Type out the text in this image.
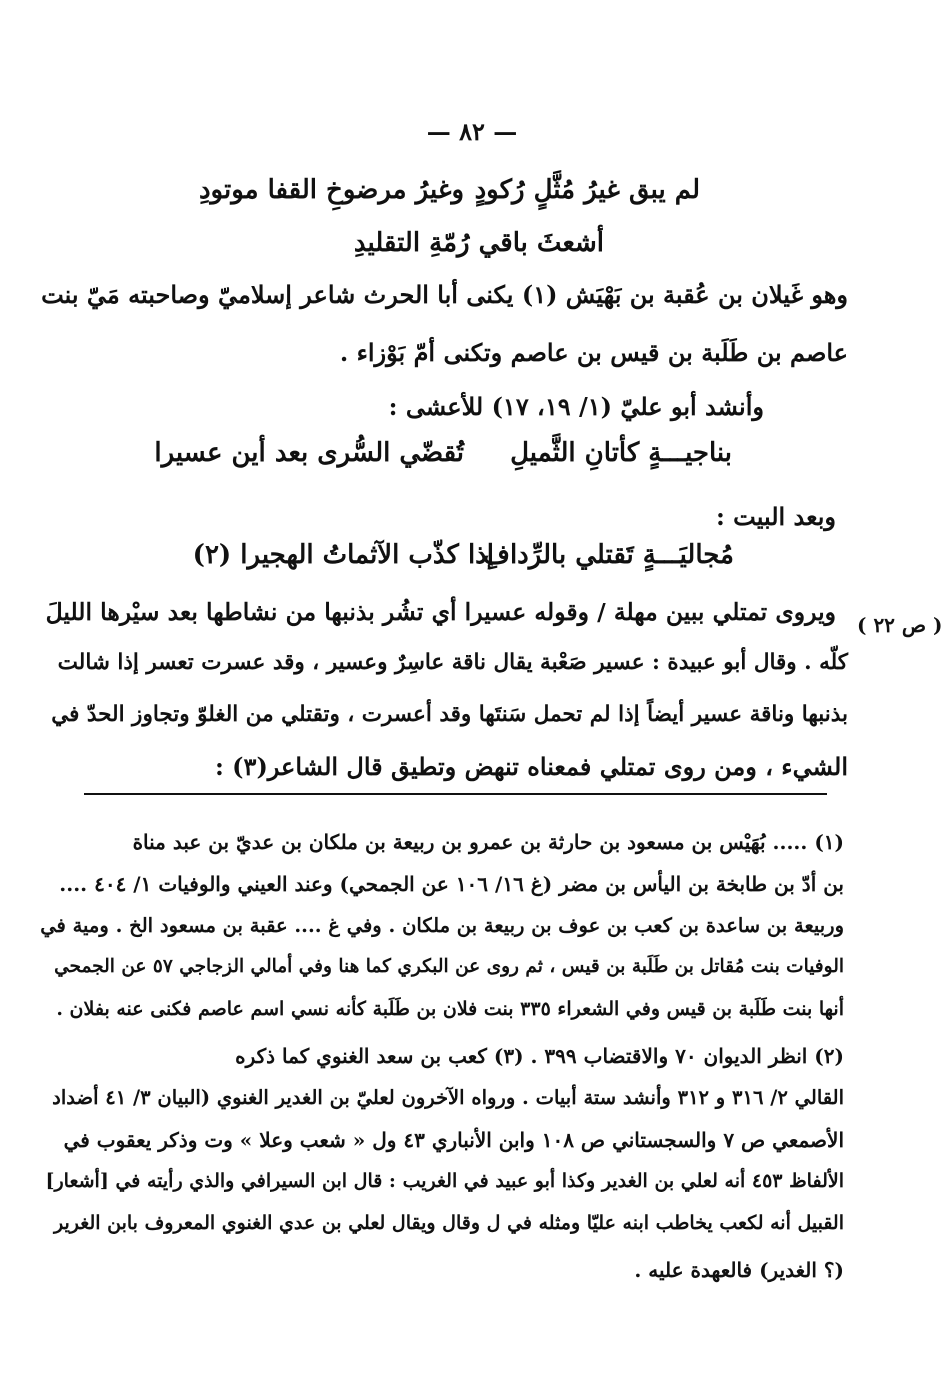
— ٨٢ —
لم يبق غيرُ مُثَّلٍ رُكودٍ
وغيرُ مرضوخِ القفا موتودِ
أشعثَ باقي رُمّةِ التقليدِ
وهو غَيلان بن عُقبة بن بَهْيَش (١) يكنى أبا الحرث شاعر إسلاميّ وصاحبته مَيّ بنت
عاصم بن طَلَبة بن قيس بن عاصم وتكنى أمّ بَوْزاء .
وأنشد أبو عليّ (١/ ١٩، ١٧) للأعشى :
بناجيـــةٍ كأتانِ الثَّميلِ
تُقضّي السُّرى بعد أين عسيرا
وبعد البيت :
مُجاليَـــةٍ تَقتلي بالرِّدافِ
إذا كذّب الآثماتُ الهجيرا (٢)
ويروى تمتلي ببين مهلة / وقوله عسيرا أي تشُر بذنبها من نشاطها بعد سيْرها الليلَ
كلّه . وقال أبو عبيدة : عسير صَعْبة يقال ناقة عاسِرٌ وعسير ، وقد عسرت تعسر إذا شالت
بذنبها وناقة عسير أيضاً إذا لم تحمل سَنتَها وقد أعسرت ، وتقتلي من الغلوّ وتجاوز الحدّ في
الشيء ، ومن روى تمتلي فمعناه تنهض وتطيق قال الشاعر(٣) :
( ص ٢٢ )
(١) ..... بُهَيْس بن مسعود بن حارثة بن عمرو بن ربيعة بن ملكان بن عديّ بن عبد مناة
بن أدّ بن طابخة بن اليأس بن مضر (غ ١٦/ ١٠٦ عن الجمحي) وعند العيني والوفيات ١/ ٤٠٤ ....
وربيعة بن ساعدة بن كعب بن عوف بن ربيعة بن ملكان . وفي غ .... عقبة بن مسعود الخ . ومية في
الوفيات بنت مُقاتل بن طَلَبة بن قيس ، ثم روى عن البكري كما هنا وفي أمالي الزجاجي ٥٧ عن الجمحي
أنها بنت طَلَبة بن قيس وفي الشعراء ٣٣٥ بنت فلان بن طَلَبة كأنه نسي اسم عاصم فكنى عنه بفلان .
(٢) انظر الديوان ٧٠ والاقتضاب ٣٩٩ . (٣) كعب بن سعد الغنوي كما ذكره
القالي ٢/ ٣١٦ و ٣١٢ وأنشد ستة أبيات . ورواه الآخرون لعليّ بن الغدير الغنوي (البيان ٣/ ٤١ أضداد
الأصمعي ص ٧ والسجستاني ص ١٠٨ وابن الأنباري ٤٣ ول « شعب وعلا » وت وذكر يعقوب في
الألفاظ ٤٥٣ أنه لعلي بن الغدير وكذا أبو عبيد في الغريب : قال ابن السيرافي والذي رأيته في [أشعار]
القبيل أنه لكعب يخاطب ابنه عليّا ومثله في ل وقال ويقال لعلي بن عدي الغنوي المعروف بابن الغرير
(؟ الغدير) فالعهدة عليه .
